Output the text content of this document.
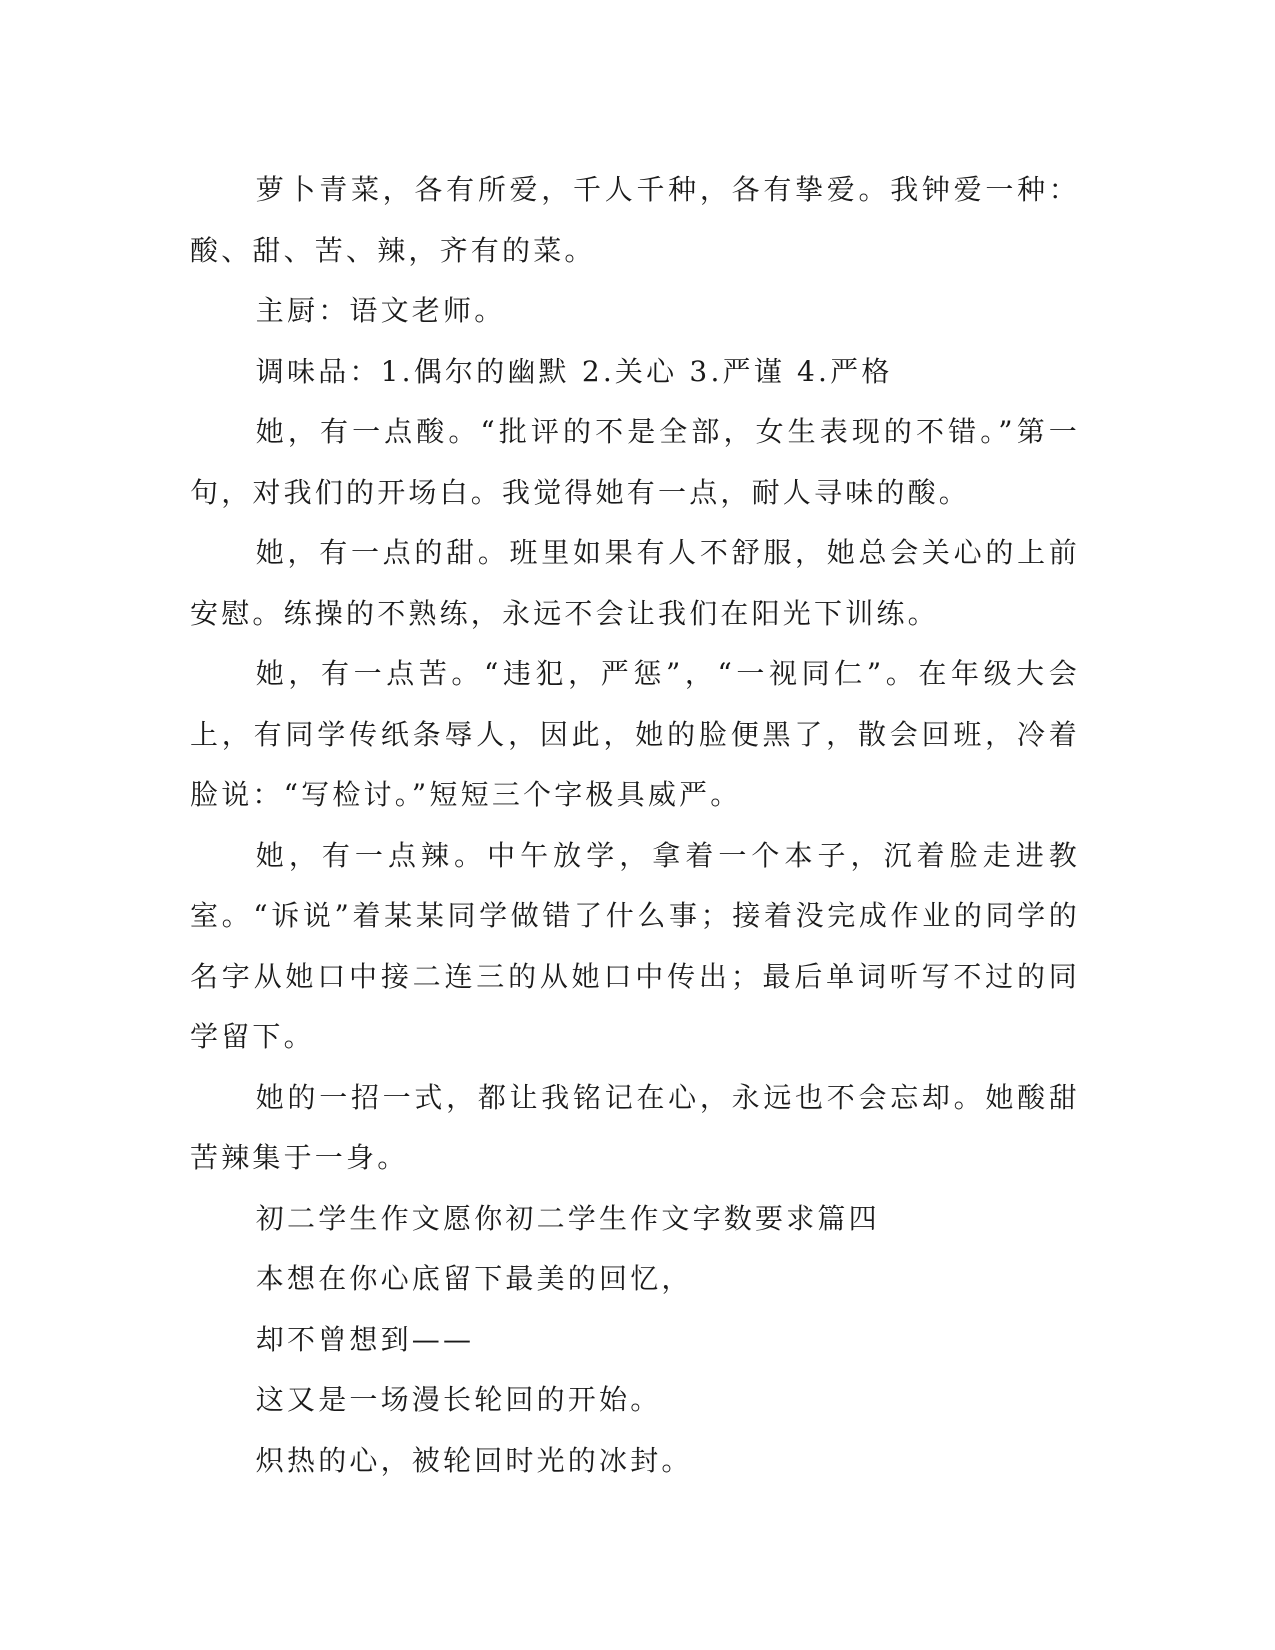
萝卜青菜，各有所爱，千人千种，各有挚爱。我钟爱一种：酸、甜、苦、辣，齐有的菜。

主厨：语文老师。

调味品：1.偶尔的幽默 2.关心 3.严谨 4.严格

她，有一点酸。“批评的不是全部，女生表现的不错。”第一句，对我们的开场白。我觉得她有一点，耐人寻味的酸。

她，有一点的甜。班里如果有人不舒服，她总会关心的上前安慰。练操的不熟练，永远不会让我们在阳光下训练。

她，有一点苦。“违犯，严惩”，“一视同仁”。在年级大会上，有同学传纸条辱人，因此，她的脸便黑了，散会回班，冷着脸说：“写检讨。”短短三个字极具威严。

她，有一点辣。中午放学，拿着一个本子，沉着脸走进教室。“诉说”着某某同学做错了什么事；接着没完成作业的同学的名字从她口中接二连三的从她口中传出；最后单词听写不过的同学留下。

她的一招一式，都让我铭记在心，永远也不会忘却。她酸甜苦辣集于一身。

初二学生作文愿你初二学生作文字数要求篇四

本想在你心底留下最美的回忆，

却不曾想到——

这又是一场漫长轮回的开始。

炽热的心，被轮回时光的冰封。
